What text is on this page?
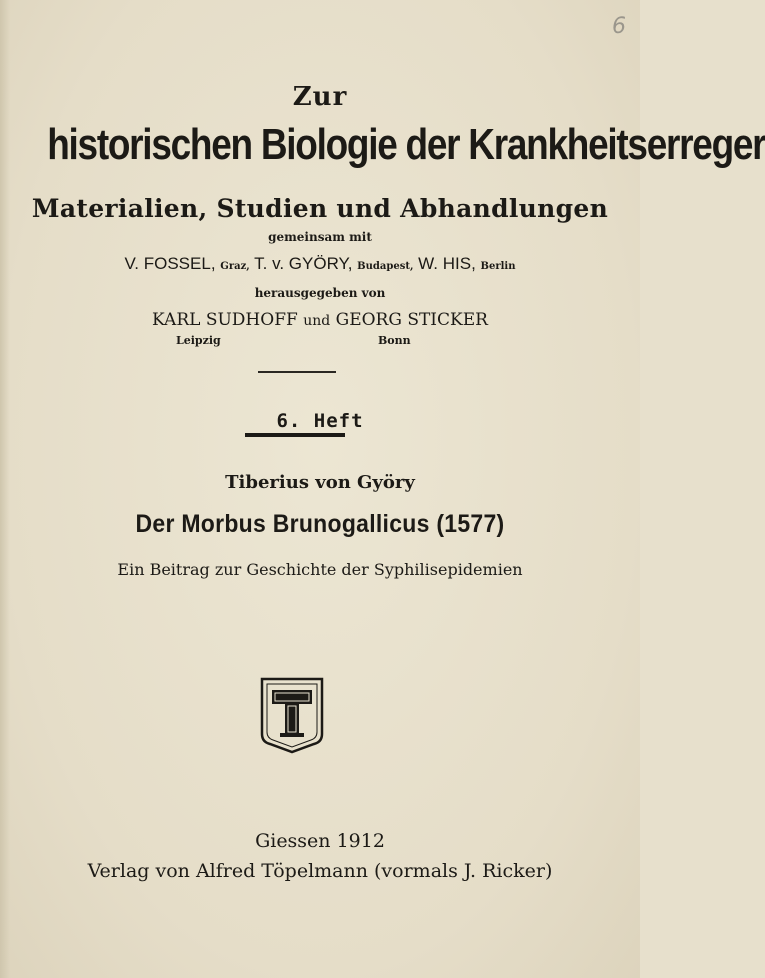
6
Zur
historischen Biologie der Krankheitserreger
Materialien, Studien und Abhandlungen
gemeinsam mit
V. FOSSEL, Graz, T. v. GYÖRY, Budapest, W. HIS, Berlin
herausgegeben von
KARL SUDHOFF und GEORG STICKER
Leipzig	Bonn
6. Heft
Tiberius von Györy
Der Morbus Brunogallicus (1577)
Ein Beitrag zur Geschichte der Syphilisepidemien
Giessen 1912
Verlag von Alfred Töpelmann (vormals J. Ricker)
